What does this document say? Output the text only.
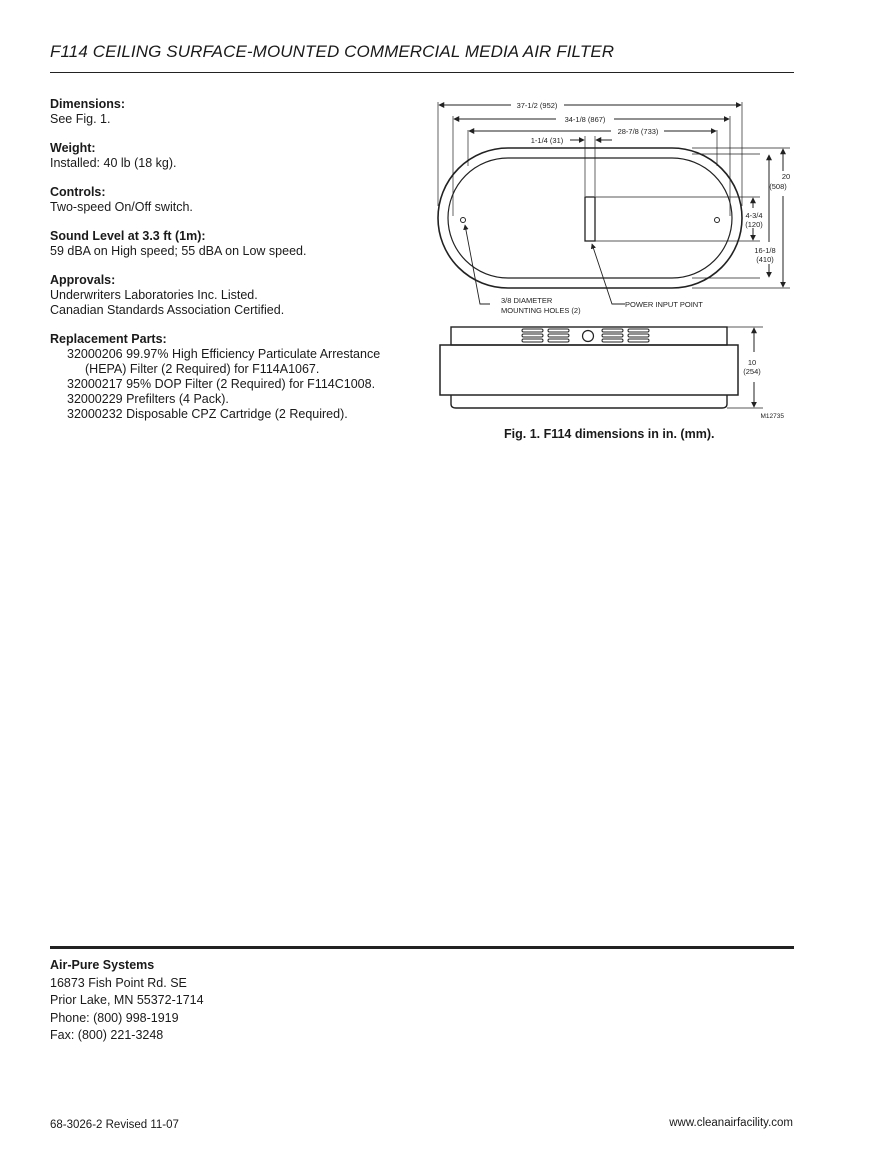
F114 CEILING SURFACE-MOUNTED COMMERCIAL MEDIA AIR FILTER
Dimensions:
See Fig. 1.
Weight:
Installed: 40 lb (18 kg).
Controls:
Two-speed On/Off switch.
Sound Level at 3.3 ft (1m):
59 dBA on High speed; 55 dBA on Low speed.
Approvals:
Underwriters Laboratories Inc. Listed.
Canadian Standards Association Certified.
Replacement Parts:
32000206 99.97% High Efficiency Particulate Arrestance
(HEPA) Filter (2 Required) for F114A1067.
32000217 95% DOP Filter (2 Required) for F114C1008.
32000229 Prefilters (4 Pack).
32000232 Disposable CPZ Cartridge (2 Required).
37-1/2 (952)
34-1/8 (867)
28-7/8 (733)
1-1/4 (31)
20
(508)
4-3/4
(120)
16-1/8
(410)
3/8 DIAMETER
MOUNTING HOLES (2)
POWER INPUT POINT
10
(254)
M12735
Fig. 1. F114 dimensions in in. (mm).
Air-Pure Systems
16873 Fish Point Rd. SE
Prior Lake, MN 55372-1714
Phone: (800) 998-1919
Fax: (800) 221-3248
68-3026-2 Revised 11-07	www.cleanairfacility.com
